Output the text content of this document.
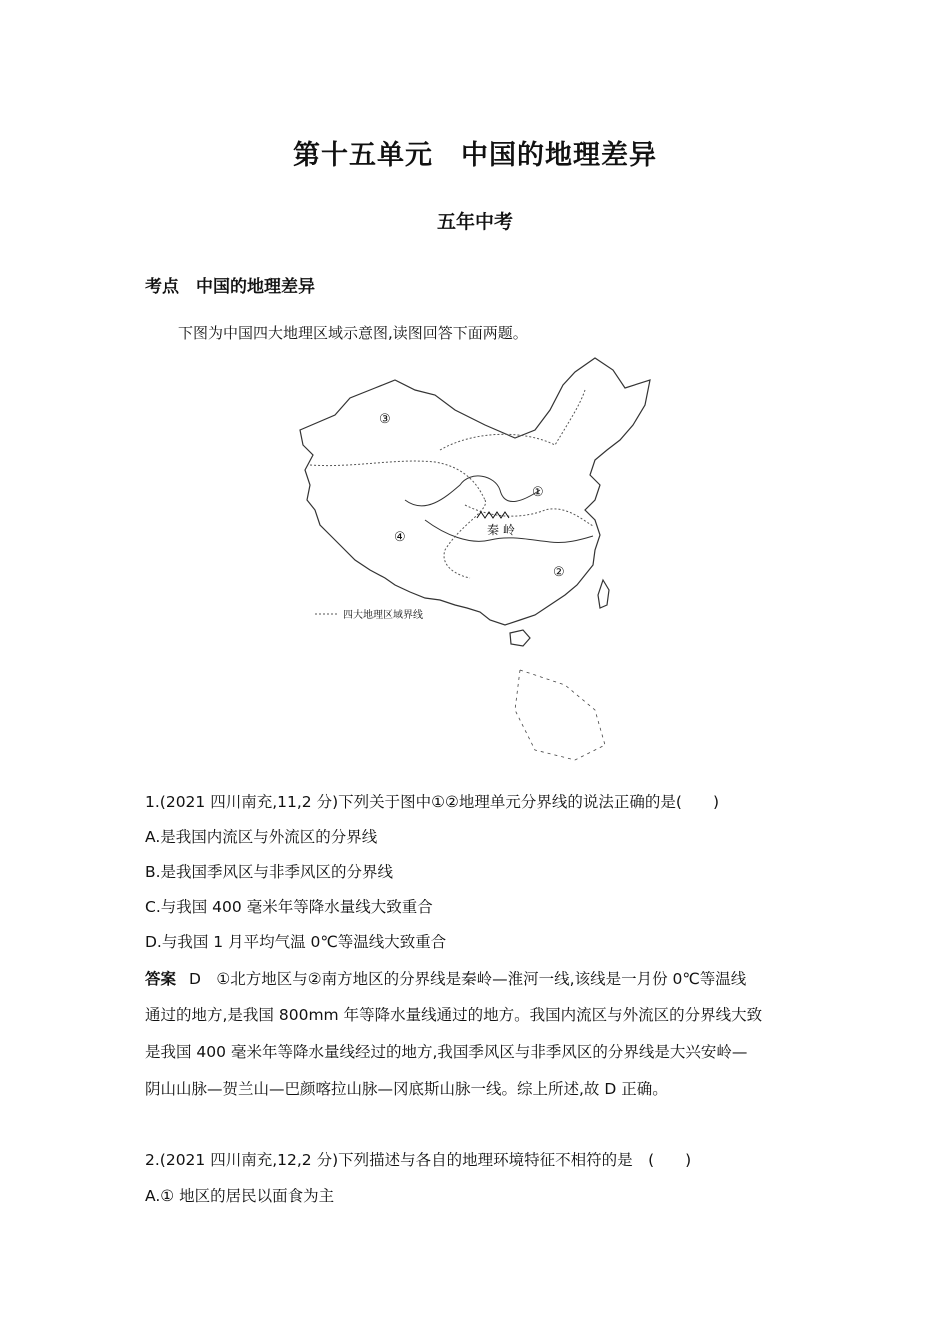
第十五单元　中国的地理差异
五年中考
考点　中国的地理差异
下图为中国四大地理区域示意图,读图回答下面两题。
①
②
③
④	秦 岭
四大地理区域界线
1.(2021 四川南充,11,2 分)下列关于图中①②地理单元分界线的说法正确的是(　　)
A.是我国内流区与外流区的分界线
B.是我国季风区与非季风区的分界线
C.与我国 400 毫米年等降水量线大致重合
D.与我国 1 月平均气温 0℃等温线大致重合
答案 D　①北方地区与②南方地区的分界线是秦岭—淮河一线,该线是一月份 0℃等温线
通过的地方,是我国 800mm 年等降水量线通过的地方。我国内流区与外流区的分界线大致
是我国 400 毫米年等降水量线经过的地方,我国季风区与非季风区的分界线是大兴安岭—
阴山山脉—贺兰山—巴颜喀拉山脉—冈底斯山脉一线。综上所述,故 D 正确。
2.(2021 四川南充,12,2 分)下列描述与各自的地理环境特征不相符的是　(　　)
A.① 地区的居民以面食为主
